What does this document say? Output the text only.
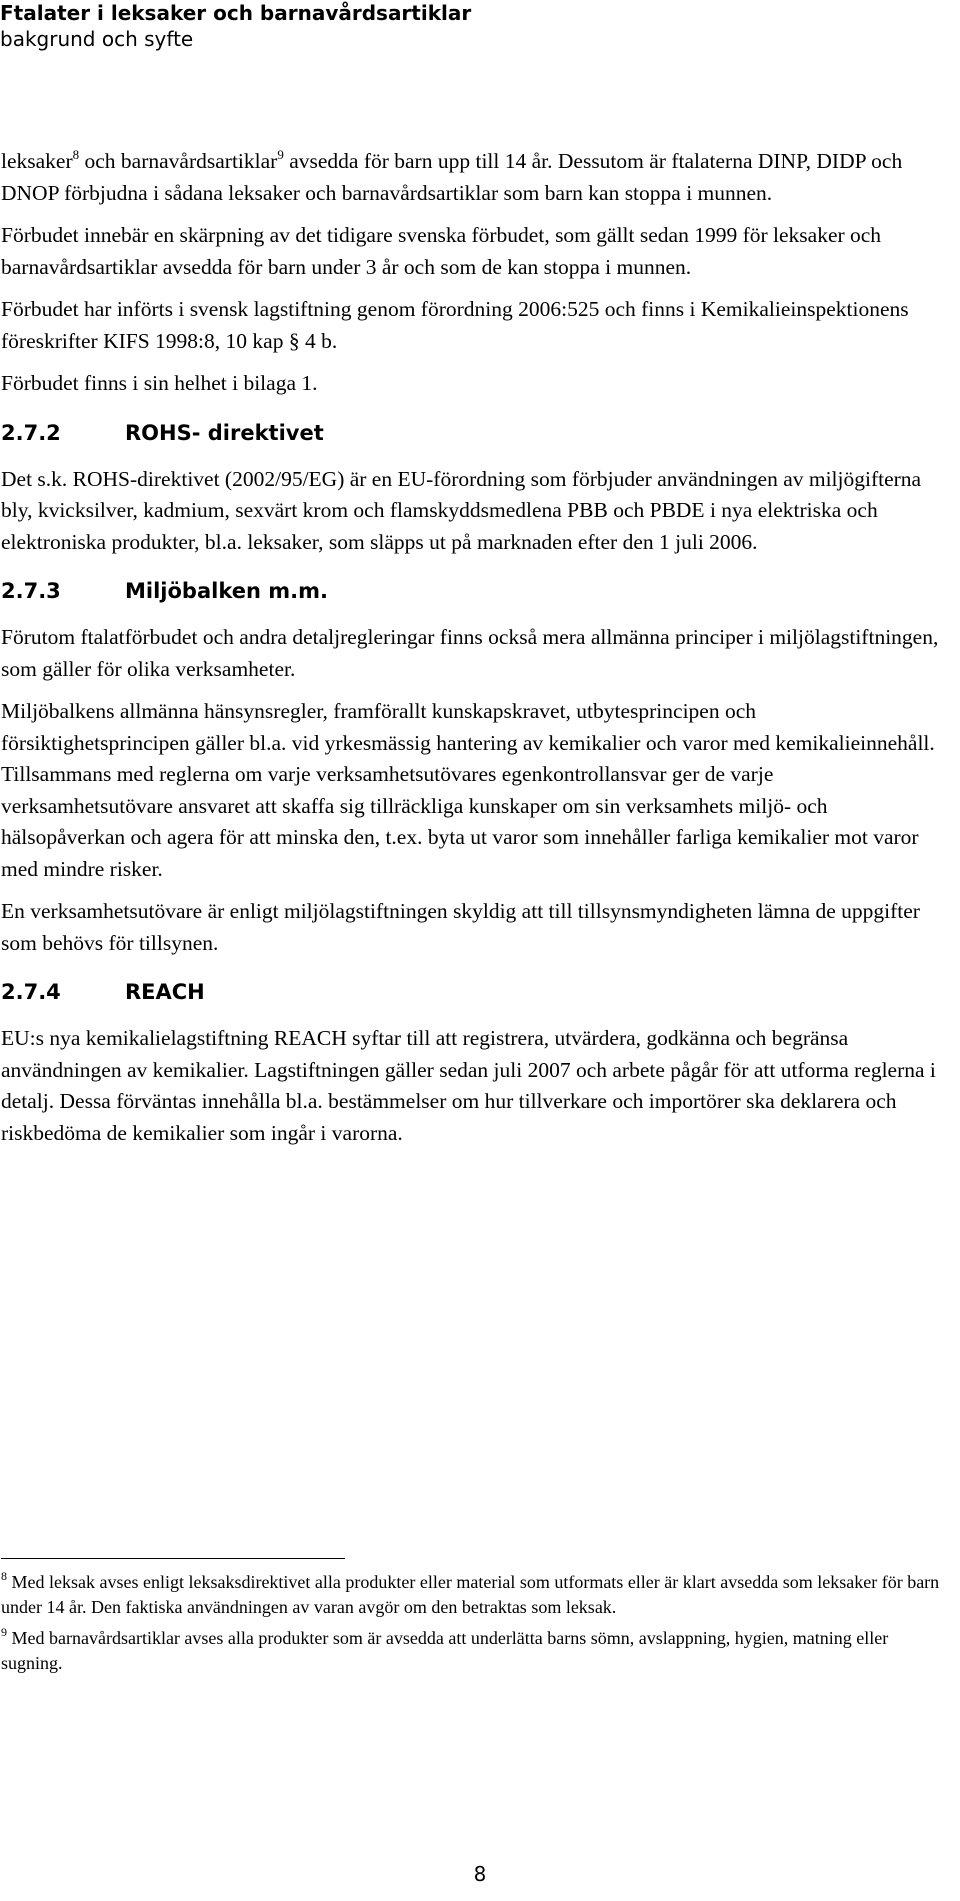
Ftalater i leksaker och barnavårdsartiklar
bakgrund och syfte

leksaker$^8$ och barnavårdsartiklar$^9$ avsedda för barn upp till 14 år. Dessutom är ftalaterna DINP, DIDP och DNOP förbjudna i sådana leksaker och barnavårdsartiklar som barn kan stoppa i munnen.

Förbudet innebär en skärpning av det tidigare svenska förbudet, som gällt sedan 1999 för leksaker och barnavårdsartiklar avsedda för barn under 3 år och som de kan stoppa i munnen.

Förbudet har införts i svensk lagstiftning genom förordning 2006:525 och finns i Kemikalieinspektionens föreskrifter KIFS 1998:8, 10 kap § 4 b.

Förbudet finns i sin helhet i bilaga 1.

2.7.2	ROHS- direktivet

Det s.k. ROHS-direktivet (2002/95/EG) är en EU-förordning som förbjuder användningen av miljögifterna bly, kvicksilver, kadmium, sexvärt krom och flamskyddsmedlena PBB och PBDE i nya elektriska och elektroniska produkter, bl.a. leksaker, som släpps ut på marknaden efter den 1 juli 2006.

2.7.3	Miljöbalken m.m.

Förutom ftalatförbudet och andra detaljregleringar finns också mera allmänna principer i miljölagstiftningen, som gäller för olika verksamheter.

Miljöbalkens allmänna hänsynsregler, framförallt kunskapskravet, utbytesprincipen och försiktighetsprincipen gäller bl.a. vid yrkesmässig hantering av kemikalier och varor med kemikalieinnehåll. Tillsammans med reglerna om varje verksamhetsutövares egenkontrollansvar ger de varje verksamhetsutövare ansvaret att skaffa sig tillräckliga kunskaper om sin verksamhets miljö- och hälsopåverkan och agera för att minska den, t.ex. byta ut varor som innehåller farliga kemikalier mot varor med mindre risker.

En verksamhetsutövare är enligt miljölagstiftningen skyldig att till tillsynsmyndigheten lämna de uppgifter som behövs för tillsynen.

2.7.4	REACH

EU:s nya kemikalielagstiftning REACH syftar till att registrera, utvärdera, godkänna och begränsa användningen av kemikalier. Lagstiftningen gäller sedan juli 2007 och arbete pågår för att utforma reglerna i detalj. Dessa förväntas innehålla bl.a. bestämmelser om hur tillverkare och importörer ska deklarera och riskbedöma de kemikalier som ingår i varorna.

$^8$ Med leksak avses enligt leksaksdirektivet alla produkter eller material som utformats eller är klart avsedda som leksaker för barn under 14 år. Den faktiska användningen av varan avgör om den betraktas som leksak.

$^9$ Med barnavårdsartiklar avses alla produkter som är avsedda att underlätta barns sömn, avslappning, hygien, matning eller sugning.

8
